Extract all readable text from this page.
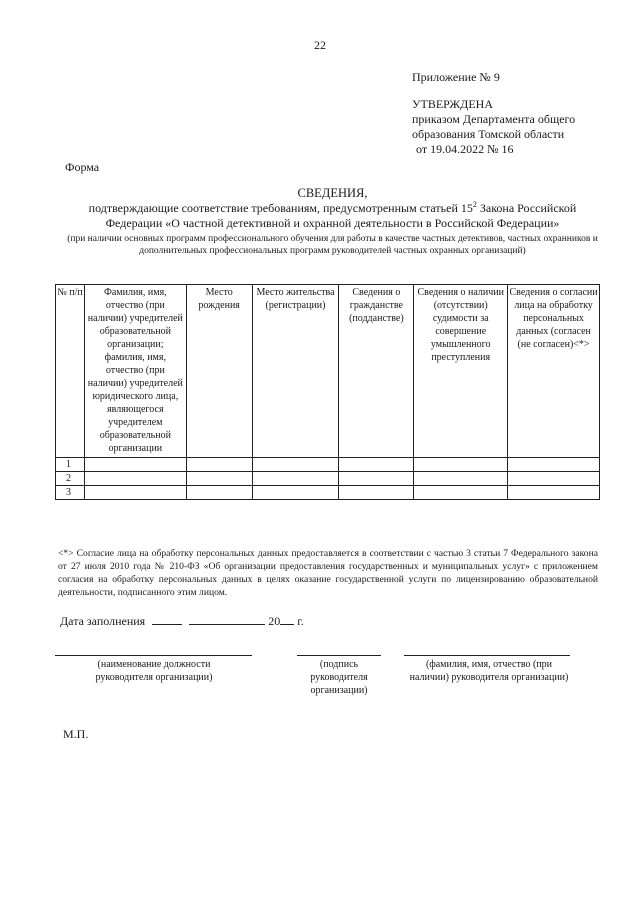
22
Приложение № 9
УТВЕРЖДЕНА
приказом Департамента общего
образования Томской области
от 19.04.2022 № 16
Форма
СВЕДЕНИЯ,
подтверждающие соответствие требованиям, предусмотренным статьей $15^2$ Закона Российской
Федерации «О частной детективной и охранной деятельности в Российской Федерации»
(при наличии основных программ профессионального обучения для работы в качестве частных детективов, частных охранников и дополнительных профессиональных программ руководителей частных охранных организаций)
№ п/п	Фамилия, имя, отчество (при наличии) учредителей образовательной организации; фамилия, имя, отчество (при наличии) учредителей юридического лица, являющегося учредителем образовательной организации	Место рождения	Место жительства (регистрации)	Сведения о гражданстве (подданстве)	Сведения о наличии (отсутствии) судимости за совершение умышленного преступления	Сведения о согласии лица на обработку персональных данных (согласен (не согласен)<*>
1						
2						
3						
<*> Согласие лица на обработку персональных данных предоставляется в соответствии с частью 3 статьи 7 Федерального закона от 27 июля 2010 года № 210-ФЗ «Об организации предоставления государственных и муниципальных услуг» с приложением согласия на обработку персональных данных в целях оказание государственной услуги по лицензированию образовательной деятельности, подписанного этим лицом.
Дата заполнения	20 г.
(наименование должности руководителя организации)
(подпись руководителя организации)
(фамилия, имя, отчество (при наличии) руководителя организации)
М.П.
